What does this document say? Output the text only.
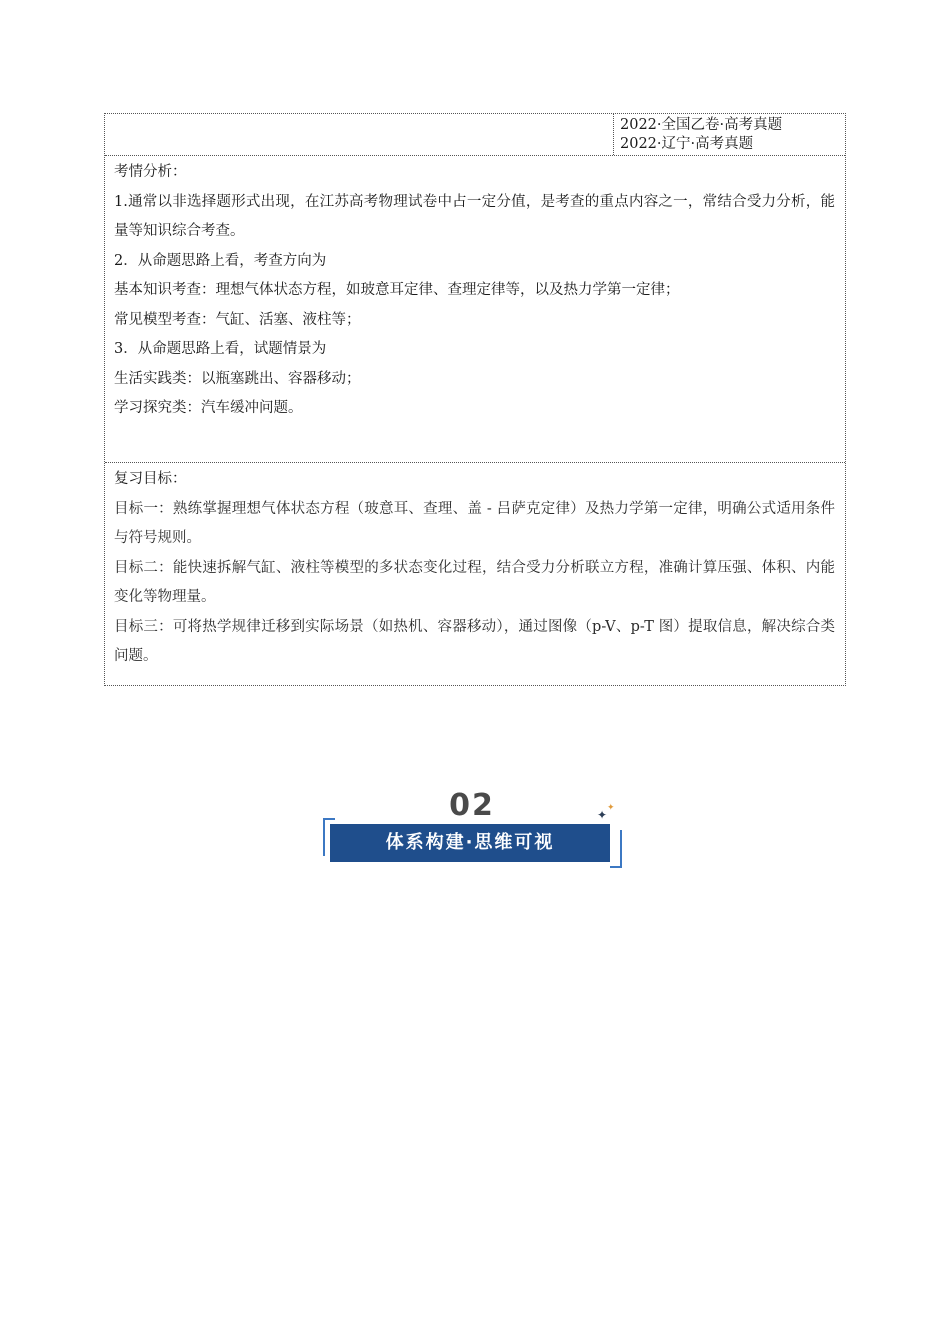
2022·全国乙卷·高考真题
2022·辽宁·高考真题
考情分析：
1.通常以非选择题形式出现，在江苏高考物理试卷中占一定分值，是考查的重点内容之一，常结合受力分析，能量等知识综合考查。
2．从命题思路上看，考查方向为
基本知识考查：理想气体状态方程，如玻意耳定律、查理定律等，以及热力学第一定律；
常见模型考查：气缸、活塞、液柱等；
3．从命题思路上看，试题情景为
生活实践类：以瓶塞跳出、容器移动；
学习探究类：汽车缓冲问题。
复习目标：
目标一：熟练掌握理想气体状态方程（玻意耳、查理、盖 - 吕萨克定律）及热力学第一定律，明确公式适用条件与符号规则。
目标二：能快速拆解气缸、液柱等模型的多状态变化过程，结合受力分析联立方程，准确计算压强、体积、内能变化等物理量。
目标三：可将热学规律迁移到实际场景（如热机、容器移动），通过图像（p-V、p-T 图）提取信息，解决综合类问题。
02
体系构建·思维可视
✦ ✦
